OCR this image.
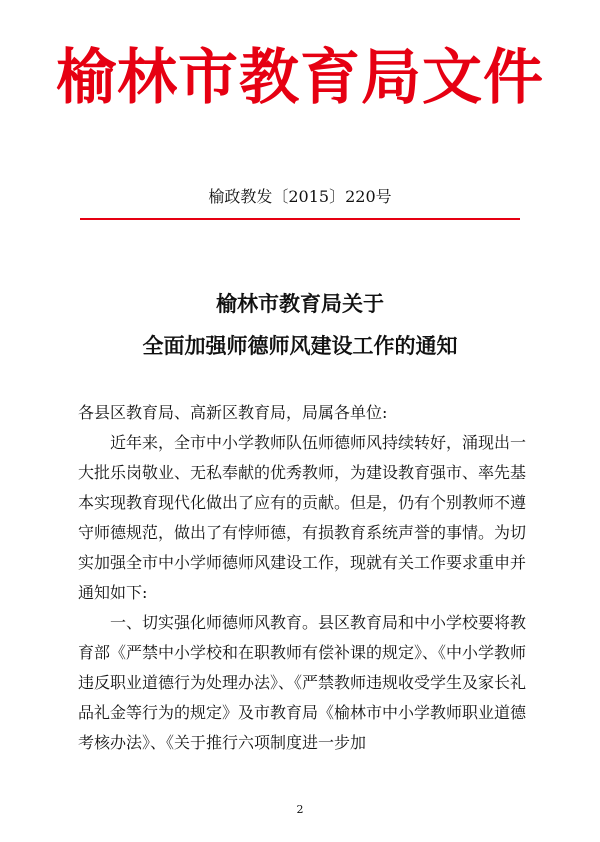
榆林市教育局文件
榆政教发〔2015〕220号
榆林市教育局关于
全面加强师德师风建设工作的通知

各县区教育局、高新区教育局，局属各单位:

近年来，全市中小学教师队伍师德师风持续转好，涌现出一大批乐岗敬业、无私奉献的优秀教师，为建设教育强市、率先基本实现教育现代化做出了应有的贡献。但是，仍有个别教师不遵守师德规范，做出了有悖师德，有损教育系统声誉的事情。为切实加强全市中小学师德师风建设工作，现就有关工作要求重申并通知如下:

一、切实强化师德师风教育。县区教育局和中小学校要将教育部《严禁中小学校和在职教师有偿补课的规定》、《中小学教师违反职业道德行为处理办法》、《严禁教师违规收受学生及家长礼品礼金等行为的规定》及市教育局《榆林市中小学教师职业道德考核办法》、《关于推行六项制度进一步加

2
